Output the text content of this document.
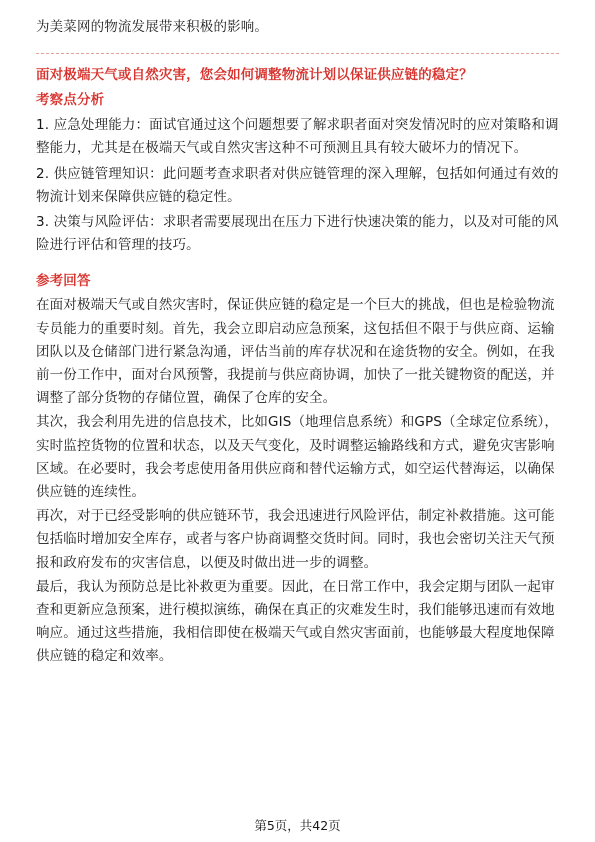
为美菜网的物流发展带来积极的影响。

面对极端天气或自然灾害，您会如何调整物流计划以保证供应链的稳定？

考察点分析

1. 应急处理能力：面试官通过这个问题想要了解求职者面对突发情况时的应对策略和调整能力，尤其是在极端天气或自然灾害这种不可预测且具有较大破坏力的情况下。

2. 供应链管理知识：此问题考查求职者对供应链管理的深入理解，包括如何通过有效的物流计划来保障供应链的稳定性。

3. 决策与风险评估：求职者需要展现出在压力下进行快速决策的能力，以及对可能的风险进行评估和管理的技巧。

参考回答

在面对极端天气或自然灾害时，保证供应链的稳定是一个巨大的挑战，但也是检验物流专员能力的重要时刻。首先，我会立即启动应急预案，这包括但不限于与供应商、运输团队以及仓储部门进行紧急沟通，评估当前的库存状况和在途货物的安全。例如，在我前一份工作中，面对台风预警，我提前与供应商协调，加快了一批关键物资的配送，并调整了部分货物的存储位置，确保了仓库的安全。

其次，我会利用先进的信息技术，比如GIS（地理信息系统）和GPS（全球定位系统），实时监控货物的位置和状态，以及天气变化，及时调整运输路线和方式，避免灾害影响区域。在必要时，我会考虑使用备用供应商和替代运输方式，如空运代替海运，以确保供应链的连续性。

再次，对于已经受影响的供应链环节，我会迅速进行风险评估，制定补救措施。这可能包括临时增加安全库存，或者与客户协商调整交货时间。同时，我也会密切关注天气预报和政府发布的灾害信息，以便及时做出进一步的调整。

最后，我认为预防总是比补救更为重要。因此，在日常工作中，我会定期与团队一起审查和更新应急预案，进行模拟演练，确保在真正的灾难发生时，我们能够迅速而有效地响应。通过这些措施，我相信即使在极端天气或自然灾害面前，也能够最大程度地保障供应链的稳定和效率。

第5页，共42页
